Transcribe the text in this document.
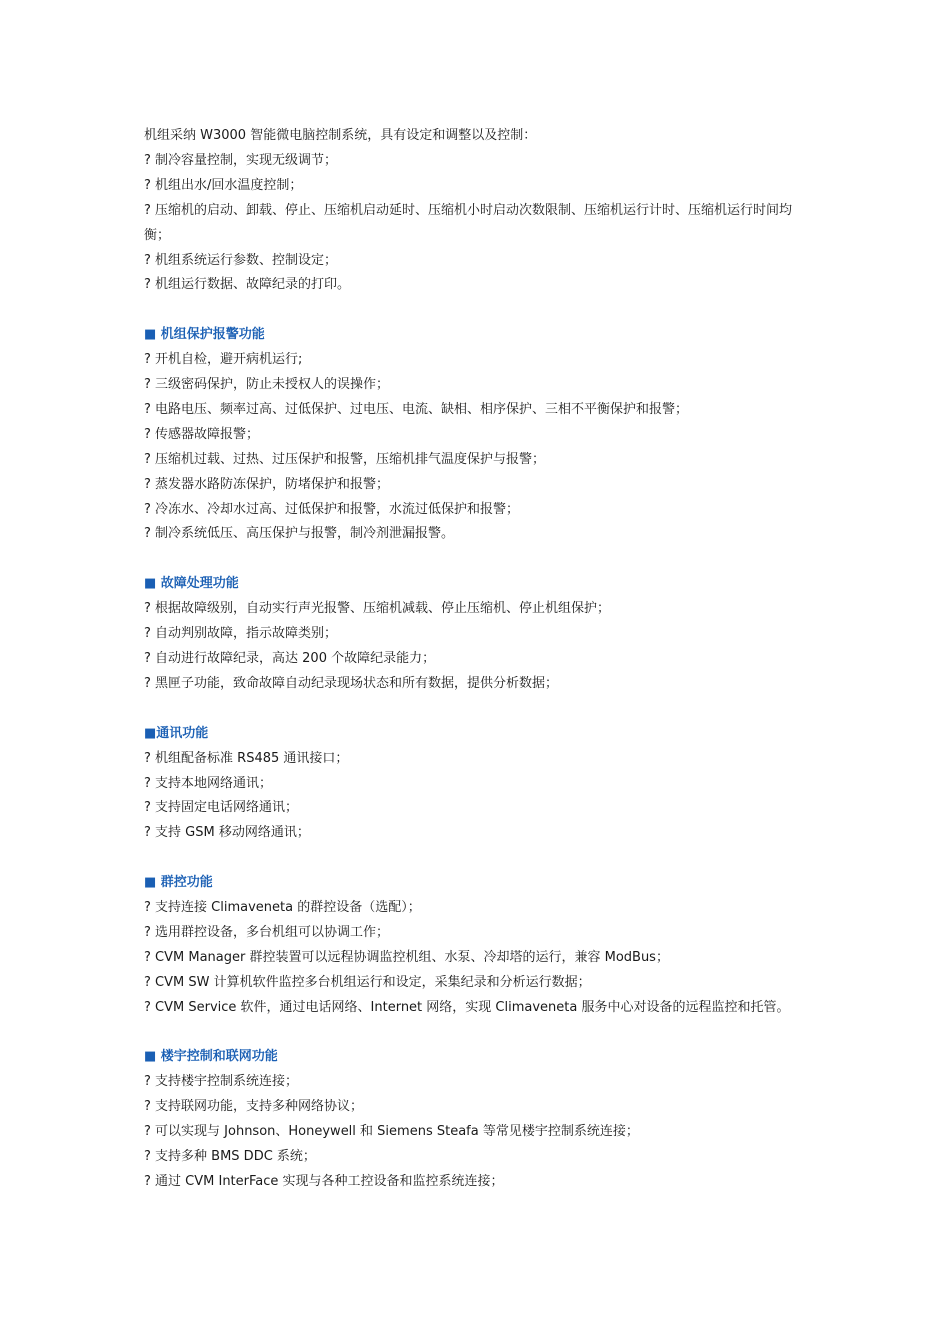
机组采纳 W3000 智能微电脑控制系统，具有设定和调整以及控制：

? 制冷容量控制，实现无级调节；

? 机组出水/回水温度控制；

? 压缩机的启动、卸载、停止、压缩机启动延时、压缩机小时启动次数限制、压缩机运行计时、压缩机运行时间均衡；

? 机组系统运行参数、控制设定；

? 机组运行数据、故障纪录的打印。

■ 机组保护报警功能

? 开机自检，避开病机运行;

? 三级密码保护，防止未授权人的误操作；

? 电路电压、频率过高、过低保护、过电压、电流、缺相、相序保护、三相不平衡保护和报警；

? 传感器故障报警；

? 压缩机过载、过热、过压保护和报警，压缩机排气温度保护与报警；

? 蒸发器水路防冻保护，防堵保护和报警；

? 冷冻水、冷却水过高、过低保护和报警，水流过低保护和报警；

? 制冷系统低压、高压保护与报警，制冷剂泄漏报警。

■ 故障处理功能

? 根据故障级别，自动实行声光报警、压缩机减载、停止压缩机、停止机组保护；

? 自动判别故障，指示故障类别；

? 自动进行故障纪录，高达 200 个故障纪录能力；

? 黑匣子功能，致命故障自动纪录现场状态和所有数据，提供分析数据；

■通讯功能

? 机组配备标准 RS485 通讯接口；

? 支持本地网络通讯；

? 支持固定电话网络通讯；

? 支持 GSM 移动网络通讯；

■ 群控功能

? 支持连接 Climaveneta 的群控设备（选配）；

? 选用群控设备，多台机组可以协调工作；

? CVM Manager 群控装置可以远程协调监控机组、水泵、冷却塔的运行，兼容 ModBus；

? CVM SW 计算机软件监控多台机组运行和设定，采集纪录和分析运行数据；

? CVM Service 软件，通过电话网络、Internet 网络，实现 Climaveneta 服务中心对设备的远程监控和托管。

■ 楼宇控制和联网功能

? 支持楼宇控制系统连接；

? 支持联网功能，支持多种网络协议；

? 可以实现与 Johnson、Honeywell 和 Siemens Steafa 等常见楼宇控制系统连接；

? 支持多种 BMS DDC 系统；

? 通过 CVM InterFace 实现与各种工控设备和监控系统连接；
